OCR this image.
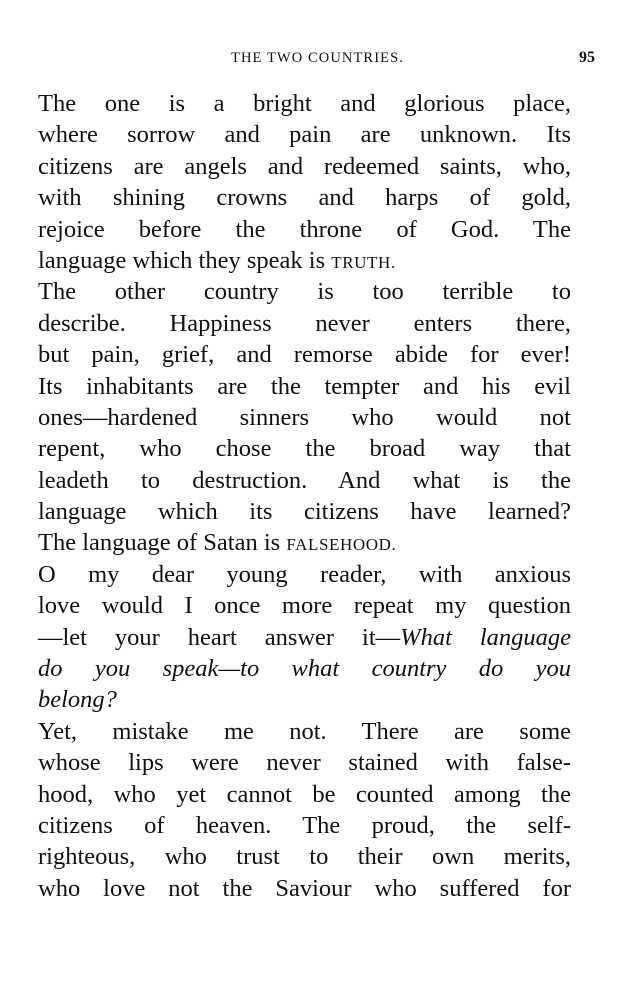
THE TWO COUNTRIES.	95
The one is a bright and glorious place,
where sorrow and pain are unknown. Its
citizens are angels and redeemed saints, who,
with shining crowns and harps of gold,
rejoice before the throne of God. The
language which they speak is TRUTH.
The other country is too terrible to
describe. Happiness never enters there,
but pain, grief, and remorse abide for ever!
Its inhabitants are the tempter and his evil
ones—hardened sinners who would not
repent, who chose the broad way that
leadeth to destruction. And what is the
language which its citizens have learned?
The language of Satan is FALSEHOOD.
O my dear young reader, with anxious
love would I once more repeat my question
—let your heart answer it—What language
do you speak—to what country do you
belong?
Yet, mistake me not. There are some
whose lips were never stained with false-
hood, who yet cannot be counted among the
citizens of heaven. The proud, the self-
righteous, who trust to their own merits,
who love not the Saviour who suffered for
